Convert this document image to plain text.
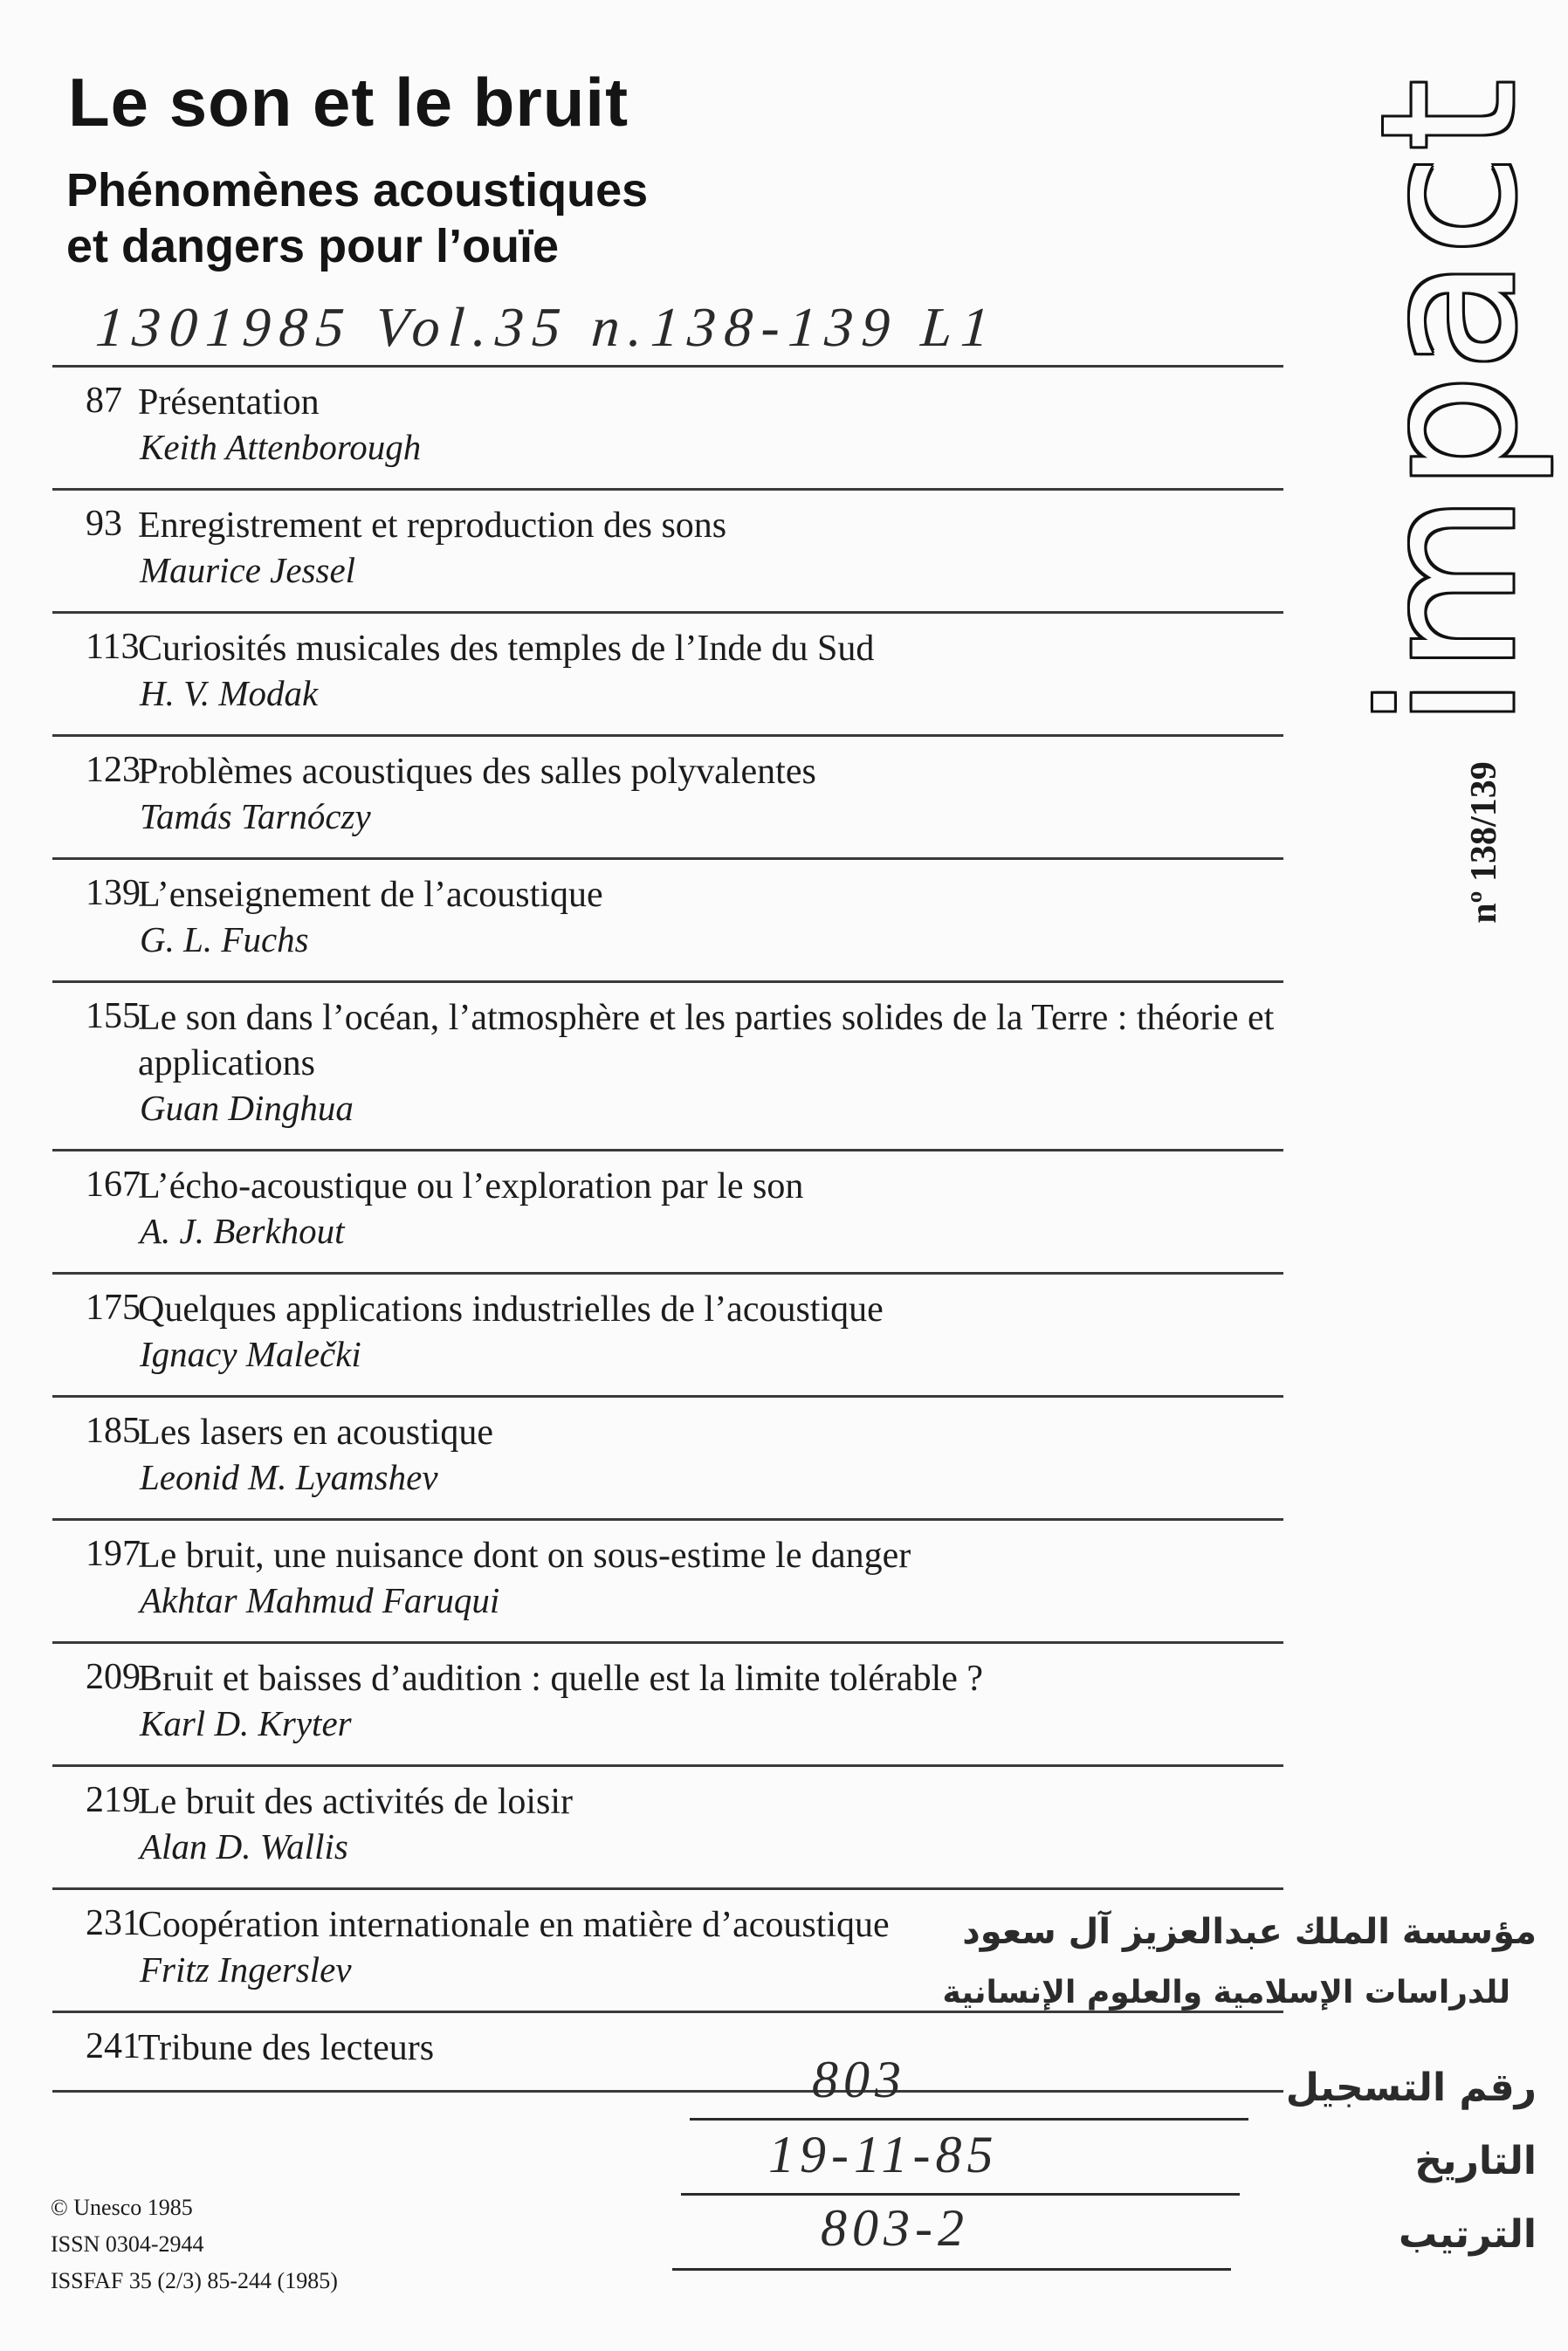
Le son et le bruit
Phénomènes acoustiques
et dangers pour l’ouïe
1301985 Vol.35 n.138-139 L1	impact
nº 138/139
87 Présentation
Keith Attenborough
93 Enregistrement et reproduction des sons
Maurice Jessel
113
Curiosités musicales des temples de l’Inde du Sud
H. V. Modak
123
Problèmes acoustiques des salles polyvalentes
Tamás Tarnóczy
139
L’enseignement de l’acoustique
G. L. Fuchs
155
Le son dans l’océan, l’atmosphère et les parties solides de la Terre : théorie et applications
Guan Dinghua
167
L’écho-acoustique ou l’exploration par le son
A. J. Berkhout
175
Quelques applications industrielles de l’acoustique
Ignacy Malečki
185
Les lasers en acoustique
Leonid M. Lyamshev
197
Le bruit, une nuisance dont on sous-estime le danger
Akhtar Mahmud Faruqui
209
Bruit et baisses d’audition : quelle est la limite tolérable ?
Karl D. Kryter
219
Le bruit des activités de loisir
Alan D. Wallis
231
Coopération internationale en matière d’acoustique
Fritz Ingerslev
241
Tribune des lecteurs
© Unesco 1985
ISSN 0304-2944
ISSFAF 35 (2/3) 85-244 (1985)
مؤسسة الملك عبدالعزيز آل سعود
للدراسات الإسلامية والعلوم الإنسانية
رقم التسجيل
التاريخ
الترتيب
803
19-11-85
803-2
